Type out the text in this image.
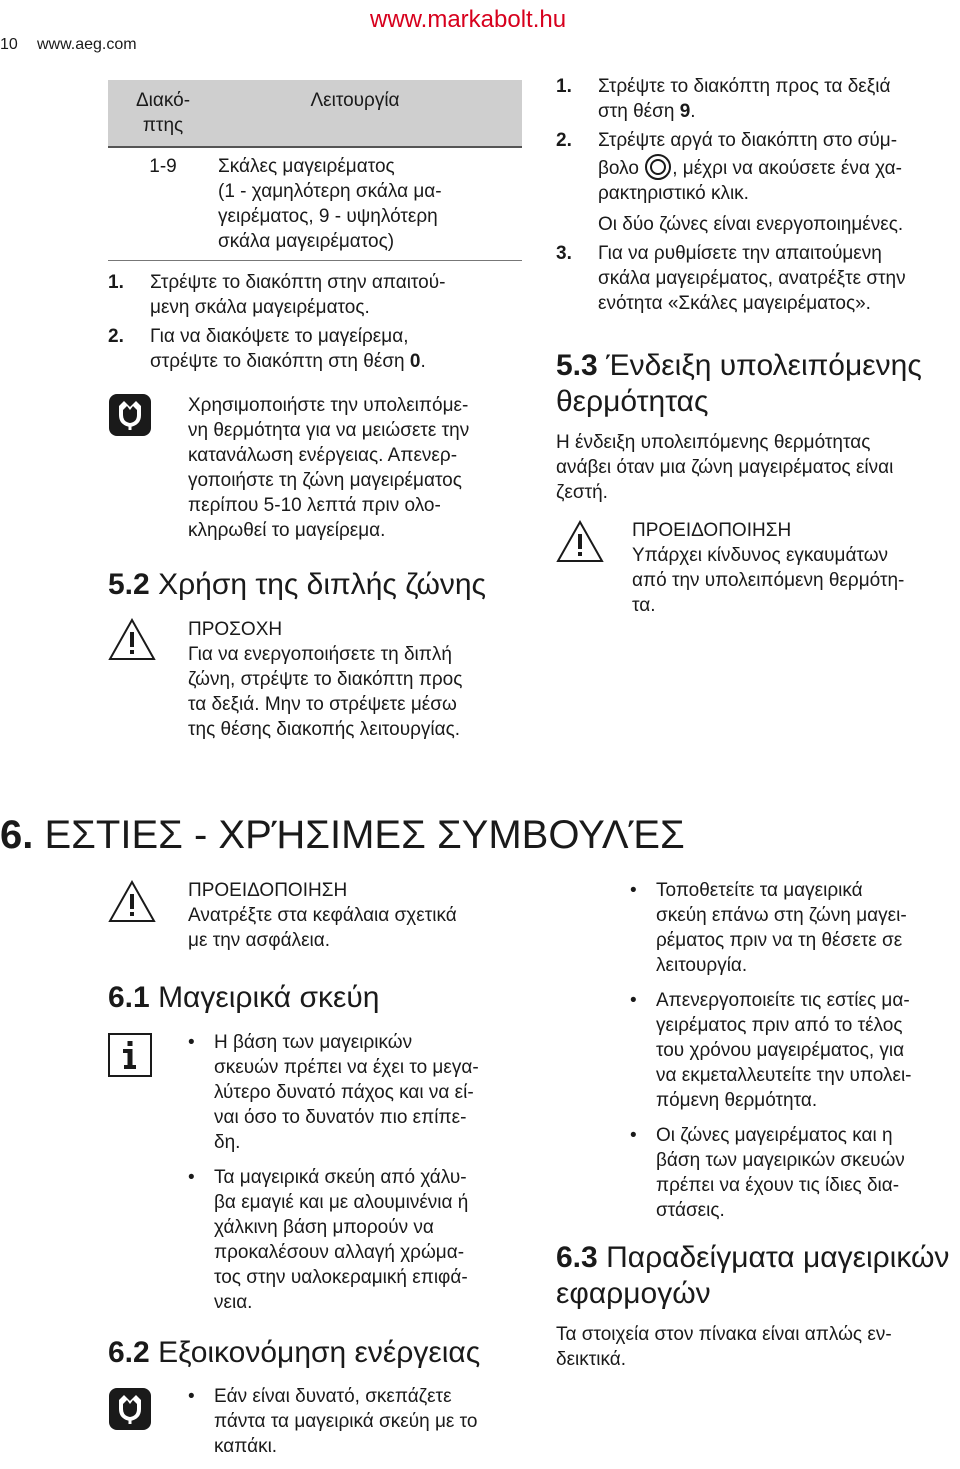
10 www.aeg.com
www.markabolt.hu
Διακό-
πτης	Λειτουργία
1-9	Σκάλες μαγειρέματος
(1 - χαμηλότερη σκάλα μα-
γειρέματος, 9 - υψηλότερη
σκάλα μαγειρέματος)
1.	Στρέψτε το διακόπτη στην απαιτού-
μενη σκάλα μαγειρέματος.
2.	Για να διακόψετε το μαγείρεμα,
στρέψτε το διακόπτη στη θέση 0.
Χρησιμοποιήστε την υπολειπόμε-
νη θερμότητα για να μειώσετε την
κατανάλωση ενέργειας. Απενερ-
γοποιήστε τη ζώνη μαγειρέματος
περίπου 5-10 λεπτά πριν ολο-
κληρωθεί το μαγείρεμα.
5.2 Χρήση της διπλής ζώνης
ΠΡΟΣΟΧΗ
Για να ενεργοποιήσετε τη διπλή
ζώνη, στρέψτε το διακόπτη προς
τα δεξιά. Μην το στρέψετε μέσω
της θέσης διακοπής λειτουργίας.
1.	Στρέψτε το διακόπτη προς τα δεξιά
στη θέση 9.
2.	Στρέψτε αργά το διακόπτη στο σύμ-
βολο , μέχρι να ακούσετε ένα χα-
ρακτηριστικό κλικ.
Οι δύο ζώνες είναι ενεργοποιημένες.
3.	Για να ρυθμίσετε την απαιτούμενη
σκάλα μαγειρέματος, ανατρέξτε στην
ενότητα «Σκάλες μαγειρέματος».
5.3 Ένδειξη υπολειπόμενης
θερμότητας
Η ένδειξη υπολειπόμενης θερμότητας
ανάβει όταν μια ζώνη μαγειρέματος είναι
ζεστή.
ΠΡΟΕΙΔΟΠΟΙΗΣΗ
Υπάρχει κίνδυνος εγκαυμάτων
από την υπολειπόμενη θερμότη-
τα.
6. ΕΣΤΙΕΣ - ΧΡΉΣΙΜΕΣ ΣΥΜΒΟΥΛΈΣ
ΠΡΟΕΙΔΟΠΟΙΗΣΗ
Ανατρέξτε στα κεφάλαια σχετικά
με την ασφάλεια.
6.1 Μαγειρικά σκεύη
• Η βάση των μαγειρικών
σκευών πρέπει να έχει το μεγα-
λύτερο δυνατό πάχος και να εί-
ναι όσο το δυνατόν πιο επίπε-
δη.
• Τα μαγειρικά σκεύη από χάλυ-
βα εμαγιέ και με αλουμινένια ή
χάλκινη βάση μπορούν να
προκαλέσουν αλλαγή χρώμα-
τος στην υαλοκεραμική επιφά-
νεια.
6.2 Εξοικονόμηση ενέργειας
• Εάν είναι δυνατό, σκεπάζετε
πάντα τα μαγειρικά σκεύη με το
καπάκι.
• Τοποθετείτε τα μαγειρικά
σκεύη επάνω στη ζώνη μαγει-
ρέματος πριν να τη θέσετε σε
λειτουργία.
• Απενεργοποιείτε τις εστίες μα-
γειρέματος πριν από το τέλος
του χρόνου μαγειρέματος, για
να εκμεταλλευτείτε την υπολει-
πόμενη θερμότητα.
• Οι ζώνες μαγειρέματος και η
βάση των μαγειρικών σκευών
πρέπει να έχουν τις ίδιες δια-
στάσεις.
6.3 Παραδείγματα μαγειρικών
εφαρμογών
Τα στοιχεία στον πίνακα είναι απλώς εν-
δεικτικά.
